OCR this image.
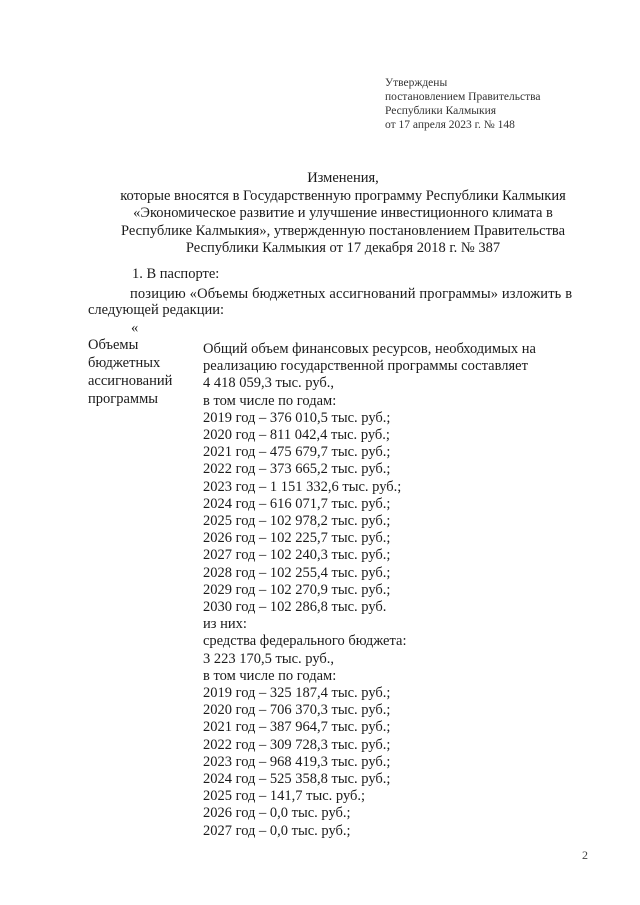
Утверждены
постановлением Правительства
Республики Калмыкия
от 17 апреля 2023 г. № 148
Изменения,
которые вносятся в Государственную программу Республики Калмыкия
«Экономическое развитие и улучшение инвестиционного климата в
Республике Калмыкия», утвержденную постановлением Правительства
Республики Калмыкия от 17 декабря 2018 г. № 387
1. В паспорте:
позицию «Объемы бюджетных ассигнований программы» изложить в
следующей редакции:
«
Объемы
бюджетных
ассигнований
программы
Общий объем финансовых ресурсов, необходимых на
реализацию государственной программы составляет
4 418 059,3 тыс. руб.,
в том числе по годам:
2019 год – 376 010,5 тыс. руб.;
2020 год – 811 042,4 тыс. руб.;
2021 год – 475 679,7 тыс. руб.;
2022 год – 373 665,2 тыс. руб.;
2023 год – 1 151 332,6 тыс. руб.;
2024 год – 616 071,7 тыс. руб.;
2025 год – 102 978,2 тыс. руб.;
2026 год – 102 225,7 тыс. руб.;
2027 год – 102 240,3 тыс. руб.;
2028 год – 102 255,4 тыс. руб.;
2029 год – 102 270,9 тыс. руб.;
2030 год – 102 286,8 тыс. руб.
из них:
средства федерального бюджета:
3 223 170,5 тыс. руб.,
в том числе по годам:
2019 год – 325 187,4 тыс. руб.;
2020 год – 706 370,3 тыс. руб.;
2021 год – 387 964,7 тыс. руб.;
2022 год – 309 728,3 тыс. руб.;
2023 год – 968 419,3 тыс. руб.;
2024 год – 525 358,8 тыс. руб.;
2025 год – 141,7 тыс. руб.;
2026 год – 0,0 тыс. руб.;
2027 год – 0,0 тыс. руб.;
2
